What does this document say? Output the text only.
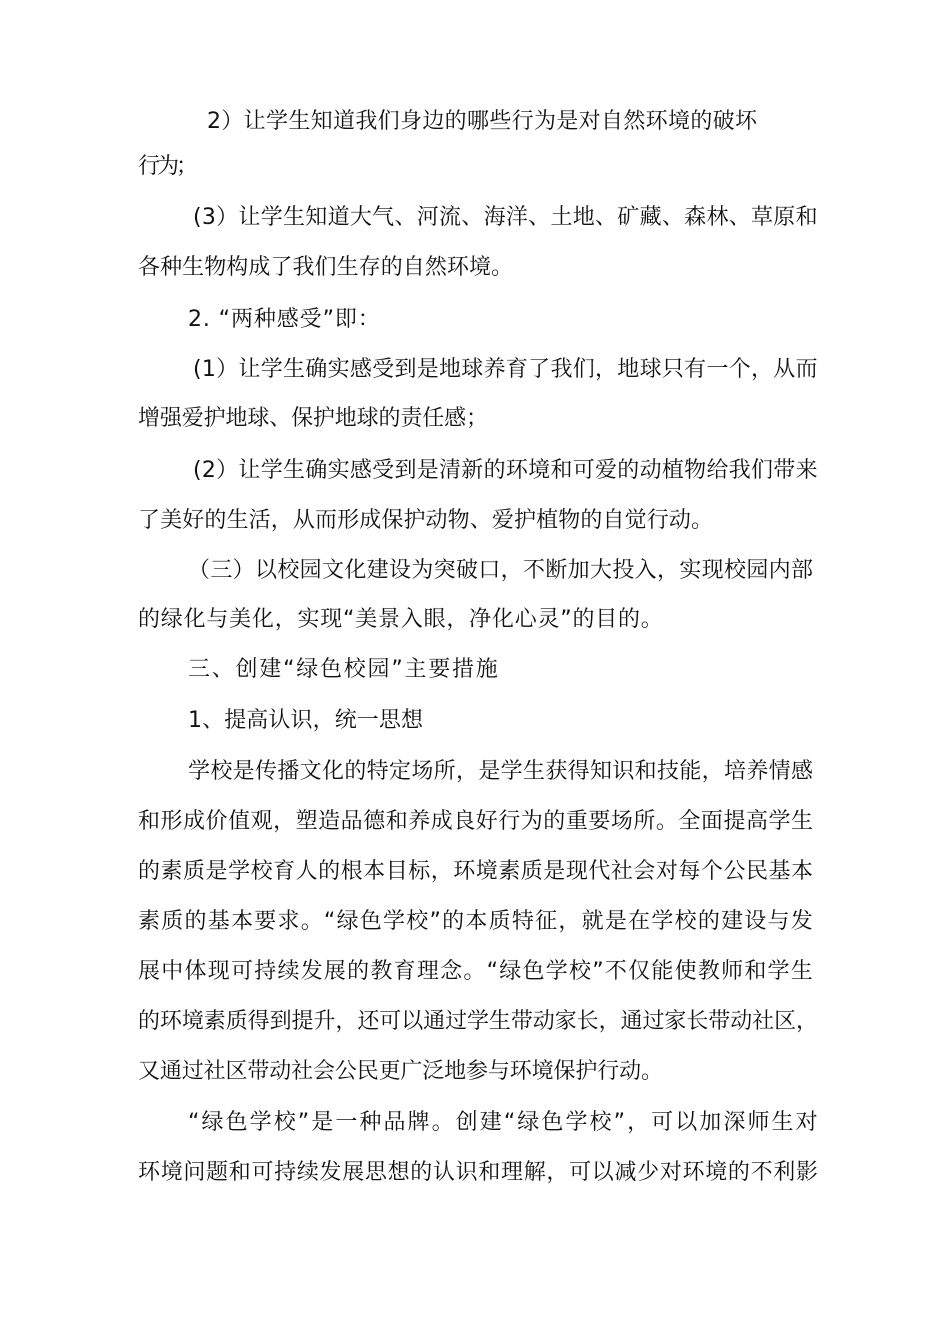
2）让学生知道我们身边的哪些行为是对自然环境的破坏
行为；
(3）让学生知道大气、河流、海洋、土地、矿藏、森林、草原和
各种生物构成了我们生存的自然环境。
2. “两种感受”即：
(1）让学生确实感受到是地球养育了我们，地球只有一个，从而
增强爱护地球、保护地球的责任感；
(2）让学生确实感受到是清新的环境和可爱的动植物给我们带来
了美好的生活，从而形成保护动物、爱护植物的自觉行动。
（三）以校园文化建设为突破口，不断加大投入，实现校园内部
的绿化与美化，实现“美景入眼，净化心灵”的目的。
三、创建“绿色校园”主要措施
1、提高认识，统一思想
学校是传播文化的特定场所，是学生获得知识和技能，培养情感
和形成价值观，塑造品德和养成良好行为的重要场所。全面提高学生
的素质是学校育人的根本目标，环境素质是现代社会对每个公民基本
素质的基本要求。“绿色学校”的本质特征，就是在学校的建设与发
展中体现可持续发展的教育理念。“绿色学校”不仅能使教师和学生
的环境素质得到提升，还可以通过学生带动家长，通过家长带动社区，
又通过社区带动社会公民更广泛地参与环境保护行动。
“绿色学校”是一种品牌。创建“绿色学校”，可以加深师生对
环境问题和可持续发展思想的认识和理解，可以减少对环境的不利影
